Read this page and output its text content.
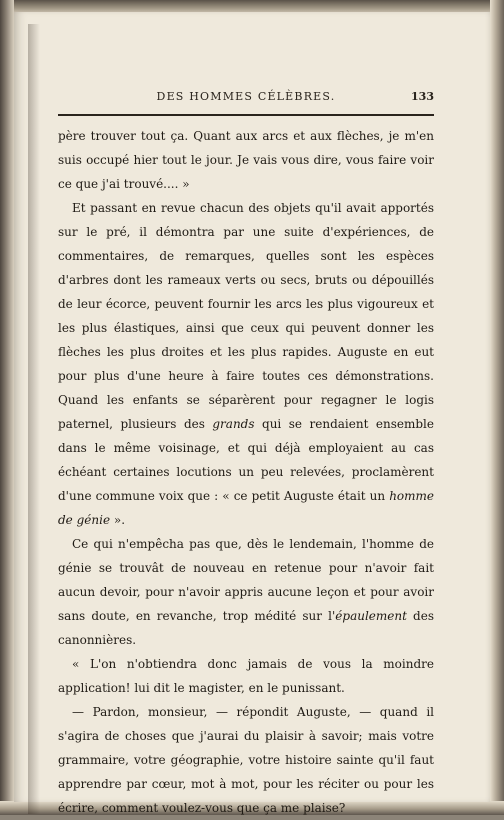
DES HOMMES CÉLÈBRES.	133

père trouver tout ça. Quant aux arcs et aux flèches, je m'en suis occupé hier tout le jour. Je vais vous dire, vous faire voir ce que j'ai trouvé.... »

Et passant en revue chacun des objets qu'il avait apportés sur le pré, il démontra par une suite d'expériences, de commentaires, de remarques, quelles sont les espèces d'arbres dont les rameaux verts ou secs, bruts ou dépouillés de leur écorce, peuvent fournir les arcs les plus vigoureux et les plus élastiques, ainsi que ceux qui peuvent donner les flèches les plus droites et les plus rapides. Auguste en eut pour plus d'une heure à faire toutes ces démonstrations. Quand les enfants se séparèrent pour regagner le logis paternel, plusieurs des grands qui se rendaient ensemble dans le même voisinage, et qui déjà employaient au cas échéant certaines locutions un peu relevées, proclamèrent d'une commune voix que : « ce petit Auguste était un homme de génie ».

Ce qui n'empêcha pas que, dès le lendemain, l'homme de génie se trouvât de nouveau en retenue pour n'avoir fait aucun devoir, pour n'avoir appris aucune leçon et pour avoir sans doute, en revanche, trop médité sur l'épaulement des canonnières.

« L'on n'obtiendra donc jamais de vous la moindre application! lui dit le magister, en le punissant.

— Pardon, monsieur, — répondit Auguste, — quand il s'agira de choses que j'aurai du plaisir à savoir; mais votre grammaire, votre géographie, votre histoire sainte qu'il faut apprendre par cœur, mot à mot, pour les réciter ou pour les écrire, comment voulez-vous que ça me plaise?
